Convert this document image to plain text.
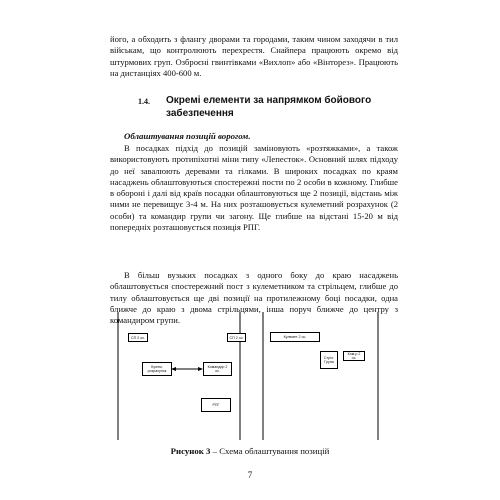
його, а обходить з флангу дворами та городами, таким чином заходячи в тил військам, що контролюють перехрестя. Снайпера працюють окремо від штурмових груп. Озброєні гвинтівками «Вихлоп» або «Вінторез». Працюють на дистанціях 400-600 м.

1.4. Окремі елементи за напрямком бойового забезпечення
Облаштування позицій ворогом.

В посадках підхід до позицій заміновують «розтяжками», а також використовують протипіхотні міни типу «Лепесток». Основний шлях підходу до неї завалюють деревами та гілками. В широких посадках по краям насаджень облаштовуються спостережні пости по 2 особи в кожному. Глибше в обороні і далі від країв посадки облаштовуються ще 2 позиції, відстань між ними не перевищує 3-4 м. На них розташовується кулеметний розрахунок (2 особи) та командир групи чи загону. Ще глибше на відстані 15-20 м від попередніх розташовується позиція РПГ.

В більш вузьких посадках з одного боку до краю насаджень облаштовується спостережний пост з кулеметником та стрільцем, глибше до тилу облаштовується ще дві позиції на протилежному боці посадки, одна ближче до краю з двома стрільцями, інша поруч ближче до центру з командиром групи.

СП 2 ос.	СП 2 ос.
Кулем. розрахунок
Командир 2 ос.
РПГ
Кулемет 2 ос.
Стріл. Група
Ком-р 2 ос.
Рисунок 3 – Схема облаштування позицій
7
